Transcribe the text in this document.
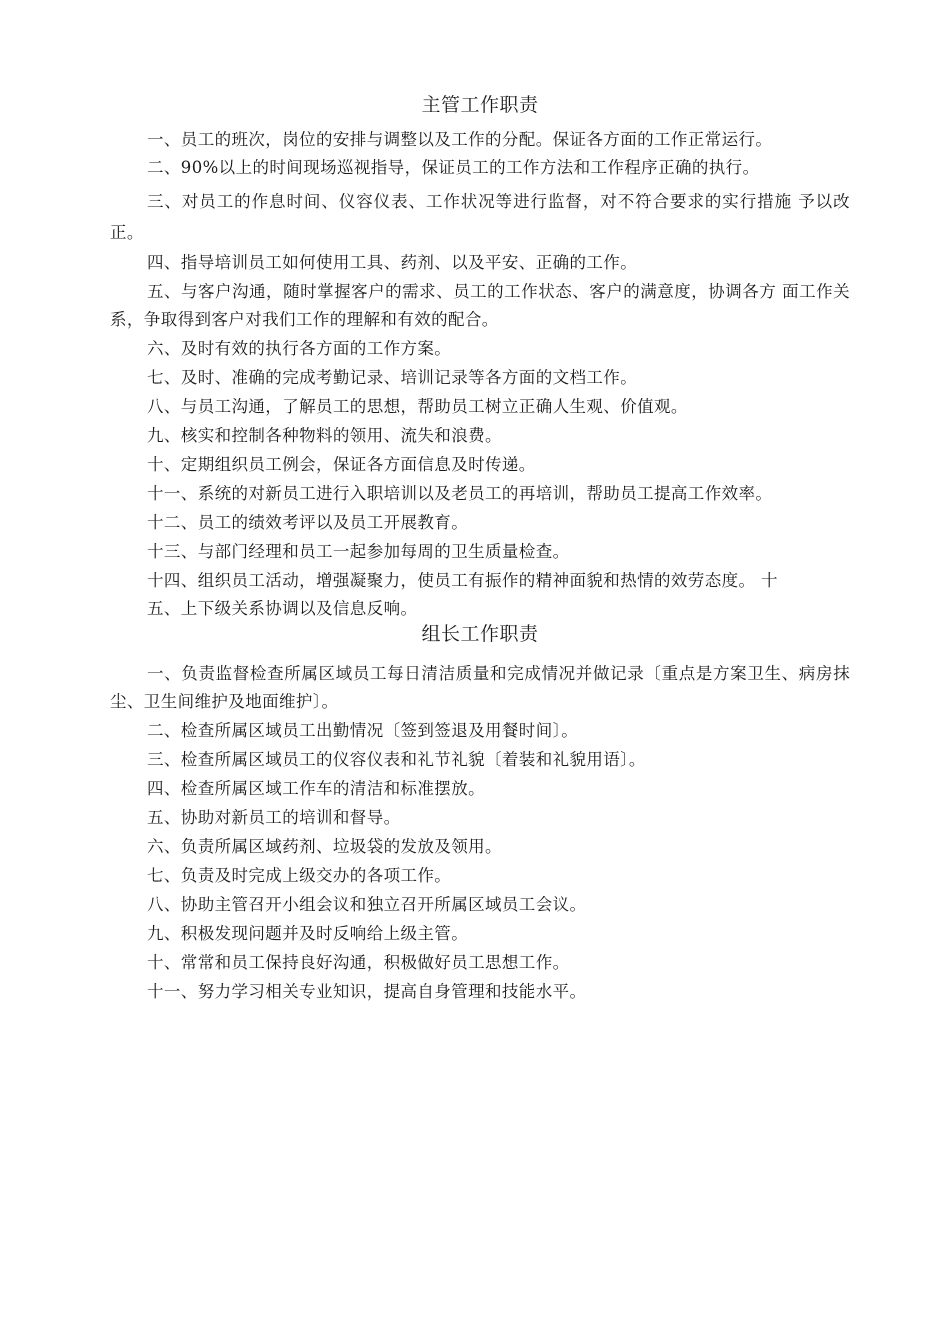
主管工作职责

一、员工的班次，岗位的安排与调整以及工作的分配。保证各方面的工作正常运行。

二、90%以上的时间现场巡视指导，保证员工的工作方法和工作程序正确的执行。

三、对员工的作息时间、仪容仪表、工作状况等进行监督，对不符合要求的实行措施 予以改正。

四、指导培训员工如何使用工具、药剂、以及平安、正确的工作。

五、与客户沟通，随时掌握客户的需求、员工的工作状态、客户的满意度，协调各方 面工作关系，争取得到客户对我们工作的理解和有效的配合。

六、及时有效的执行各方面的工作方案。

七、及时、准确的完成考勤记录、培训记录等各方面的文档工作。

八、与员工沟通，了解员工的思想，帮助员工树立正确人生观、价值观。

九、核实和控制各种物料的领用、流失和浪费。

十、定期组织员工例会，保证各方面信息及时传递。

十一、系统的对新员工进行入职培训以及老员工的再培训，帮助员工提高工作效率。

十二、员工的绩效考评以及员工开展教育。

十三、与部门经理和员工一起参加每周的卫生质量检查。

十四、组织员工活动，增强凝聚力，使员工有振作的精神面貌和热情的效劳态度。 十

五、上下级关系协调以及信息反响。

组长工作职责

一、负责监督检查所属区域员工每日清洁质量和完成情况并做记录〔重点是方案卫生、病房抹尘、卫生间维护及地面维护〕。

二、检查所属区域员工出勤情况〔签到签退及用餐时间〕。

三、检查所属区域员工的仪容仪表和礼节礼貌〔着装和礼貌用语〕。

四、检查所属区域工作车的清洁和标准摆放。

五、协助对新员工的培训和督导。

六、负责所属区域药剂、垃圾袋的发放及领用。

七、负责及时完成上级交办的各项工作。

八、协助主管召开小组会议和独立召开所属区域员工会议。

九、积极发现问题并及时反响给上级主管。

十、常常和员工保持良好沟通，积极做好员工思想工作。

十一、努力学习相关专业知识，提高自身管理和技能水平。
